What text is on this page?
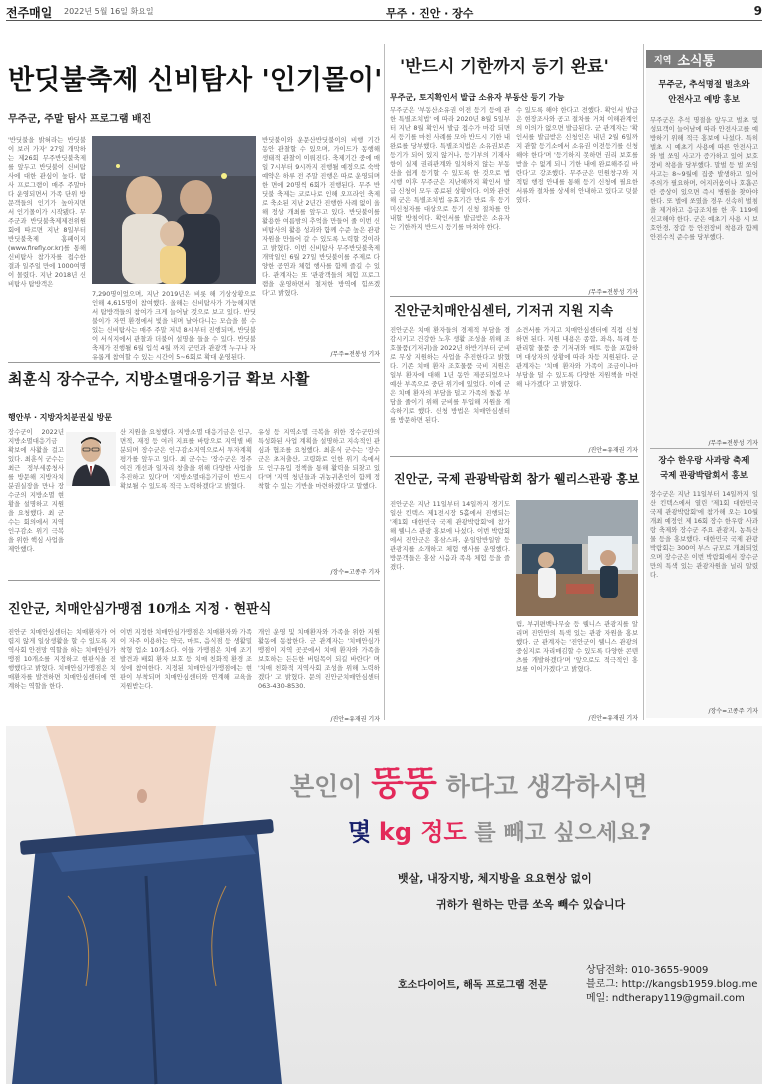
전주매일 2022년 5월 16일 화요일	무주 · 진안 · 장수	9
반딧불축제 신비탐사 '인기몰이'
무주군, 주말 탐사 프로그램 배진
'반딧불을 밝혀라는 반딧불이 보러 가자' 27일 개막하는 제26회 무주반딧불축제를 앞두고 반딧불이 신비탐사에 대한 관심이 높다. 탐사 프로그램이 매주 주말마다 운영되면서 가족 단위 방문객들의 인기가 높아지면서 인기몰이가 시작됐다. 무주군과 반딧불축제제전위원회에 따르면 지난 8일부터 반딧불축제 홈페이지(www.firefly.or.kr)를 통해 신비탐사 참가자를 접수한 결과 일주일 만에 1000여명이 몰렸다. 지난 2018년 신비탐사 탐방객은
7,290명이었으며, 지난 2019년은 비롯 해 기상상황으로 인해 4,615명이 참여했다. 올해는 신비탐사가 가능해지면서 탐방객들의 참여가 크게 늘어날 것으로 보고 있다. 반딧불이가 자연 환경에서 빛을 내며 날아다니는 모습을 볼 수 있는 신비탐사는 매주 주말 저녁 8시부터 진행되며, 반딧불이 서식지에서 관찰과 더불어 설명을 들을 수 있다. 반딧불축제가 진행될 6월 입석 4월 까지 군민과 관광객 누구나 자유롭게 참여할 수 있는 시간이 5~6회로 확대 운영된다.
반딧불이와 운문산반딧불이의 비행 기간 동안 관찰할 수 있으며, 가이드가 동행해 생태적 관찰이 이뤄진다. 축제기간 중에 매일 7시부터 9시까지 진행될 예정으로 숙박예약은 하루 전 주말 진행은 따로 운영되며 한 면에 20명씩 6회가 진행된다. 무주 반딧불 축제는 코로나로 인해 오프라인 축제로 축소된 지난 2년간 진행한 사례 없이 올해 정상 개최를 앞두고 있다. 반딧불이를 활용한 여름밤의 추억을 만들어 줄 이번 신비탐사의 활용 성과와 함께 수준 높은 관광 자원을 만들어 갈 수 있도록 노력할 것이라고 밝혔다. 이번 신비탐사 무주반딧불축제 개막일인 6월 27일 반딧불이를 주제로 다양한 공연과 체험 행사를 함께 즐길 수 있다. 관계자는 또 '관광객들의 체험 프로그램을 운영하면서 철저한 방역에 힘쓰겠다'고 밝혔다.
/무주=전봉성 기자
'반드시 기한까지 등기 완료'
무주군, 토지확인서 발급 소유자 부동산 등기 가능
무주군은 '부동산소유권 이전 등기 등에 관한 특별조치법' 에 따라 2020년 8월 5일부터 지난 8월 확인서 발급 접수가 마감 되면서 등기를 마친 사례를 모아 반드시 기한 내 완료를 당부했다. 특별조치법은 소유권보존등기가 되어 있지 않거나, 등기부의 기재사항이 실제 권리관계와 일치하지 않는 부동산을 쉽게 등기할 수 있도록 한 것으로 법 시행 이후 무주군은 지난해까지 확인서 발급 신청이 모두 종료된 상황이다. 이와 관련해 군은 특별조치법 유효기간 만료 후 등기 미신청자를 대상으로 등기 신청 절차를 안내할 방침이다. 확인서를 발급받은 소유자는 기한까지 반드시 등기를 마쳐야 한다.
수 있도록 해야 한다고 전했다. 확인서 발급은 현장조사와 공고 절차를 거쳐 이해관계인의 이의가 없으면 발급된다. 군 관계자는 '확인서를 발급받은 신청인은 내년 2월 6일까지 관할 등기소에서 소유권 이전등기를 신청해야 한다'며 '등기하지 못하면 권리 보호를 받을 수 없게 되니 기한 내에 완료해주길 바란다'고 강조했다. 무주군은 민원창구와 지적팀 행정 안내를 통해 등기 신청에 필요한 서류와 절차를 상세히 안내하고 있다고 덧붙였다.
/무주=전봉성 기자
진안군치매안심센터, 기저귀 지원 지속
진안군은 치매 환자들의 경제적 부담을 경감시키고 건강한 노후 생활 조성을 위해 조호물품(기저귀)을 2022년 하반기부터 군비로 무상 지원하는 사업을 추진한다고 밝혔다. 기존 치매 환자 조호물품 국비 지원은 일부 환자에 대해 1년 동안 제공되었으나 예산 부족으로 중단 위기에 있었다. 이에 군은 치매 환자의 부담을 덜고 가족의 돌봄 부담을 줄이기 위해 군비를 투입해 지원을 계속하기로 했다. 신청 방법은 치매안심센터를 방문하면 된다.
소견서를 가지고 치매안심센터에 직접 신청하면 된다. 지원 내용은 종합, 좌욕, 특례 등 관리할 물품 중 기저귀와 매트 등을 포함하며 대상자의 상황에 따라 차등 지원된다. 군 관계자는 '치매 환자와 가족이 조금이나마 부담을 덜 수 있도록 다양한 지원책을 마련해 나가겠다' 고 밝혔다.
/진안=유재권 기자
최훈식 장수군수, 지방소멸대응기금 확보 사활
행안부 · 지방자치분권실 방문
장수군이 2022년 지방소멸대응기금 확보에 사활을 걸고 있다. 최훈식 군수는 최근 정부세종청사를 방문해 지방자치분권실장을 만나 장수군의 지방소멸 현황을 설명하고 지원을 요청했다. 최 군수는 회의에서 지역 인구감소 위기 극복을 위한 핵심 사업을 제안했다.
산 지원을 요청했다. 지방소멸 대응기금은 인구, 면적, 재정 등 여러 지표를 바탕으로 지역별 배분되며 장수군은 인구감소지역으로서 투자계획 평가를 앞두고 있다. 최 군수는 '장수군은 정주여건 개선과 일자리 창출을 위해 다양한 사업을 추진하고 있다'며 '지방소멸대응기금이 반드시 확보될 수 있도록 적극 노력하겠다'고 밝혔다.
유성 등 지역소멸 극복을 위한 장수군만의 특성화된 사업 계획을 설명하고 지속적인 관심과 협조를 요청했다. 최훈식 군수는 '장수군은 초저출산, 고령화로 인한 위기 속에서도 인구유입 정책을 통해 활력을 되찾고 있다'며 '지역 청년들과 귀농귀촌인이 함께 정착할 수 있는 기반을 마련하겠다'고 말했다.
/장수=고종주 기자
진안군, 치매안심가맹점 10개소 지정 · 현판식
진안군 치매안심센터는 치매환자가 어렵지 않게 일상생활을 할 수 있도록 지역사회 안전망 역할을 하는 치매안심가맹점 10개소를 지정하고 현판식을 진행했다고 밝혔다. 치매안심가맹점은 치매환자를 발견하면 치매안심센터에 연계하는 역할을 한다.
이번 지정한 치매안심가맹점은 치매환자와 가족이 자주 이용하는 약국, 마트, 음식점 등 생활밀착형 업소 10개소다. 이들 가맹점은 치매 조기 발견과 배회 환자 보호 등 치매 친화적 환경 조성에 참여한다. 지정된 치매안심가맹점에는 현판이 부착되며 치매안심센터와 연계해 교육을 지원받는다.
개인 운영 및 치매환자와 가족을 위한 지원활동에 동참한다. 군 관계자는 '치매안심가맹점이 지역 곳곳에서 치매 환자와 가족을 보호하는 든든한 버팀목이 되길 바란다' 며 '치매 친화적 지역사회 조성을 위해 노력하겠다' 고 밝혔다. 문의 진안군치매안심센터 063-430-8530.
/진안=유재권 기자
진안군, 국제 관광박람회 참가 웰리스관광 홍보
진안군은 지난 11일부터 14일까지 경기도 일산 킨텍스 제1전시장 5홀에서 진행되는 '제1회 대한민국 국제 관광박람회'에 참가해 웰니스 관광 홍보에 나섰다. 이번 박람회에서 진안군은 홍삼스파, 운일암반일암 등 관광지를 소개하고 체험 행사를 운영했다. 방문객들은 홍삼 시음과 족욕 체험 등을 즐겼다.
림, 부귀편백나무숲 등 웰니스 관광지를 알리며 진안만의 특색 있는 관광 자원을 홍보했다. 군 관계자는 '진안군이 웰니스 관광의 중심지로 자리매김할 수 있도록 다양한 콘텐츠를 개발하겠다'며 '앞으로도 적극적인 홍보를 이어가겠다'고 밝혔다.
/진안=유재권 기자
지역 소식통
무주군, 추석명절 벌초와 안전사고 예방 홍보
무주군은 추석 명절을 앞두고 벌초 및 성묘객이 늘어남에 따라 안전사고를 예방하기 위해 적극 홍보에 나섰다. 특히 벌초 시 예초기 사용에 따른 안전사고와 벌 쏘임 사고가 증가하고 있어 보호장비 착용을 당부했다. 말벌 등 벌 쏘임 사고는 8~9월에 집중 발생하고 있어 주의가 필요하며, 어지러움이나 호흡곤란 증상이 있으면 즉시 병원을 찾아야 한다. 또 벌에 쏘였을 경우 신속히 벌침을 제거하고 응급조치를 한 후 119에 신고해야 한다. 군은 예초기 사용 시 보호안경, 장갑 등 안전장비 착용과 함께 안전수칙 준수를 당부했다.
/무주=전봉성 기자
장수 한우랑 사과랑 축제 국제 관광박람회서 홍보
장수군은 지난 11일부터 14일까지 일산 킨텍스에서 열린 '제1회 대한민국 국제 관광박람회'에 참가해 오는 10월 개최 예정인 제 16회 장수 한우랑 사과랑 축제와 장수군 주요 관광지, 농특산물 등을 홍보했다. 대한민국 국제 관광박람회는 300여 부스 규모로 개최되었으며 장수군은 이번 박람회에서 장수군만의 특색 있는 관광자원을 널리 알렸다.
/장수=고종주 기자
본인이 뚱뚱 하다고 생각하시면
몇 kg 정도 를 빼고 싶으세요?
뱃살, 내장지방, 체지방을 요요현상 없이
귀하가 원하는 만큼 쏘옥 빼수 있습니다
호소다이어트, 해독 프로그램 전문
상담전화: 010-3655-9009
블로그: http://kangsb1959.blog.me
메일: ndtherapy119@gmail.com
